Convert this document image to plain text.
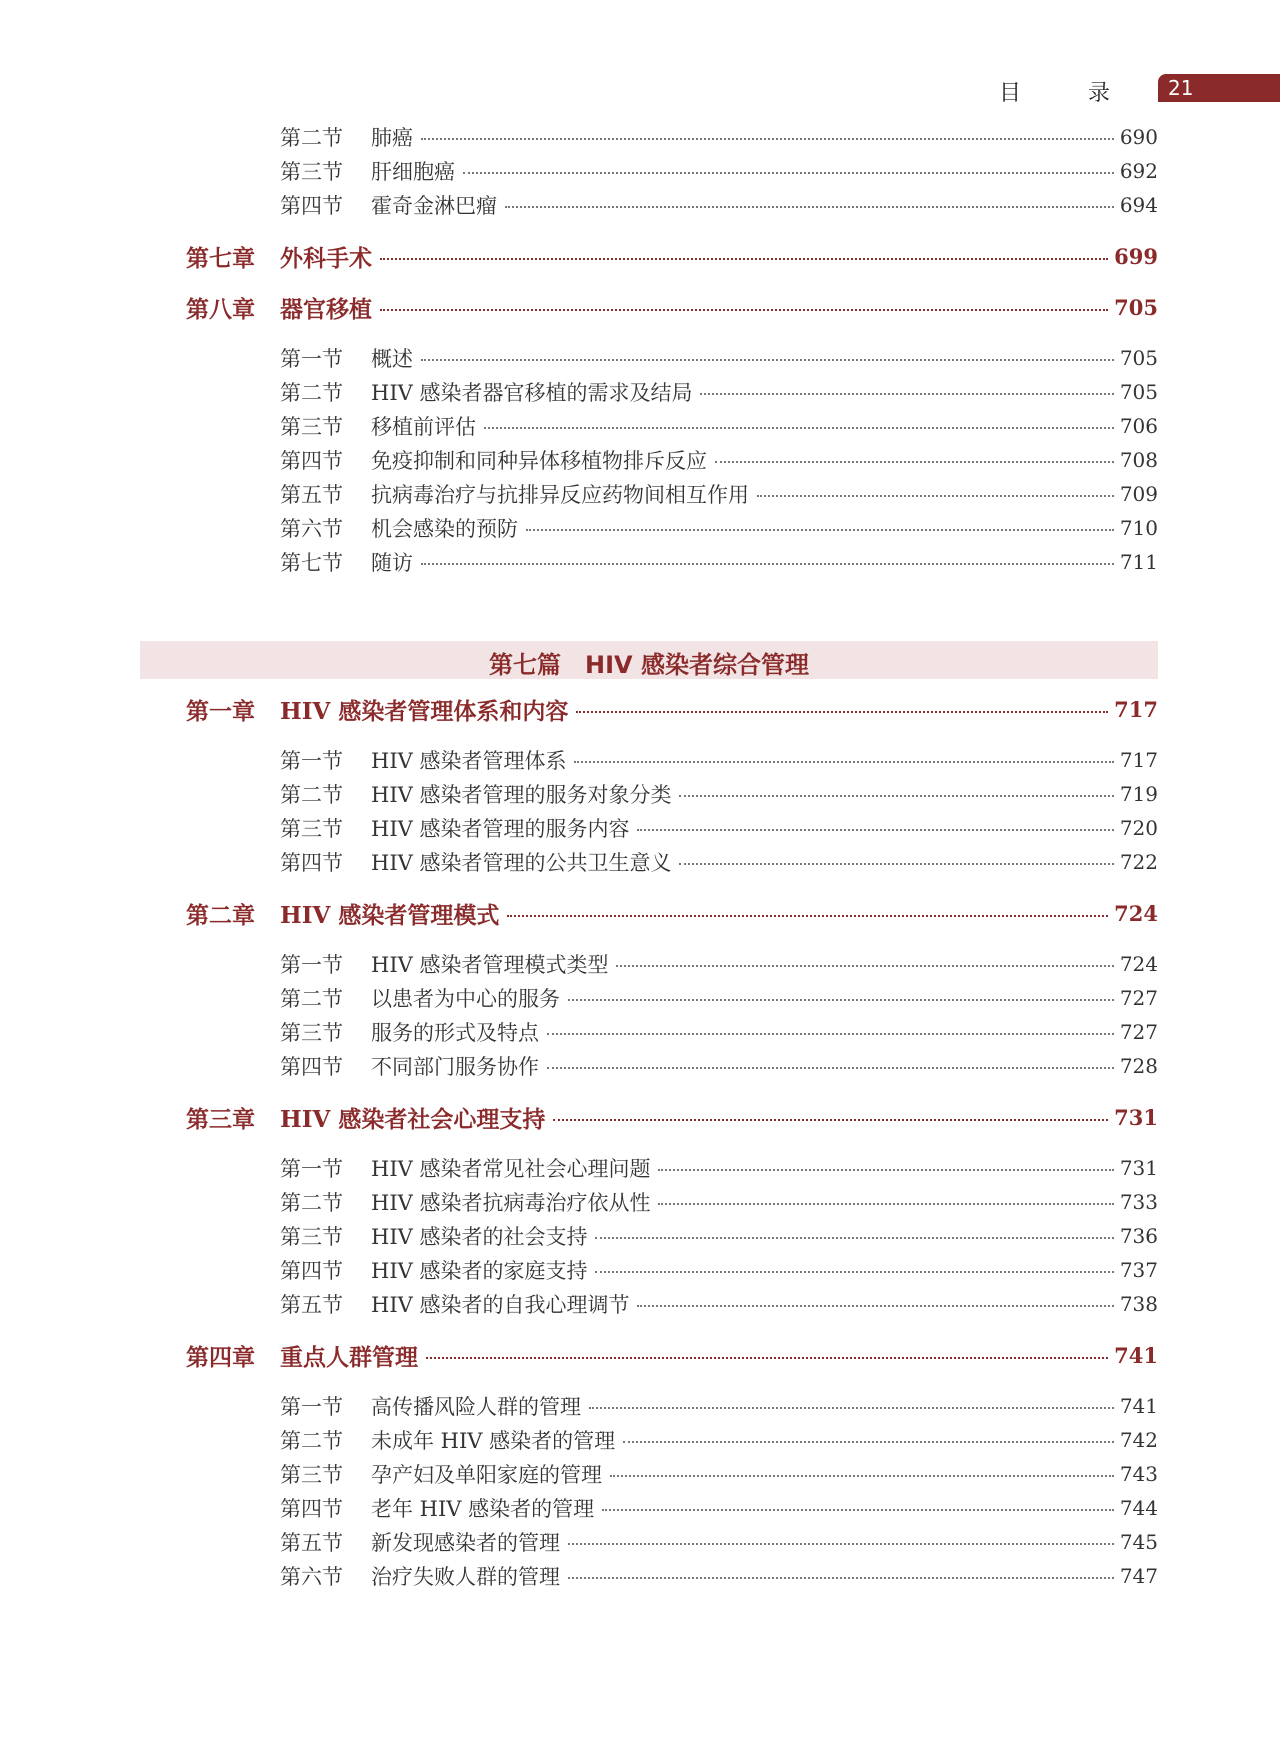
目 录 21
第七篇　HIV 感染者综合管理
第二节 肺癌	690
第三节 肝细胞癌	692
第四节 霍奇金淋巴瘤	694
第七章 外科手术	699
第八章 器官移植	705
第一节 概述	705
第二节 HIV 感染者器官移植的需求及结局	705
第三节 移植前评估	706
第四节 免疫抑制和同种异体移植物排斥反应	708
第五节 抗病毒治疗与抗排异反应药物间相互作用	709
第六节 机会感染的预防	710
第七节 随访	711
第一章 HIV 感染者管理体系和内容	717
第一节 HIV 感染者管理体系	717
第二节 HIV 感染者管理的服务对象分类	719
第三节 HIV 感染者管理的服务内容	720
第四节 HIV 感染者管理的公共卫生意义	722
第二章 HIV 感染者管理模式	724
第一节 HIV 感染者管理模式类型	724
第二节 以患者为中心的服务	727
第三节 服务的形式及特点	727
第四节 不同部门服务协作	728
第三章 HIV 感染者社会心理支持	731
第一节 HIV 感染者常见社会心理问题	731
第二节 HIV 感染者抗病毒治疗依从性	733
第三节 HIV 感染者的社会支持	736
第四节 HIV 感染者的家庭支持	737
第五节 HIV 感染者的自我心理调节	738
第四章 重点人群管理	741
第一节 高传播风险人群的管理	741
第二节 未成年 HIV 感染者的管理	742
第三节 孕产妇及单阳家庭的管理	743
第四节 老年 HIV 感染者的管理	744
第五节 新发现感染者的管理	745
第六节 治疗失败人群的管理	747
